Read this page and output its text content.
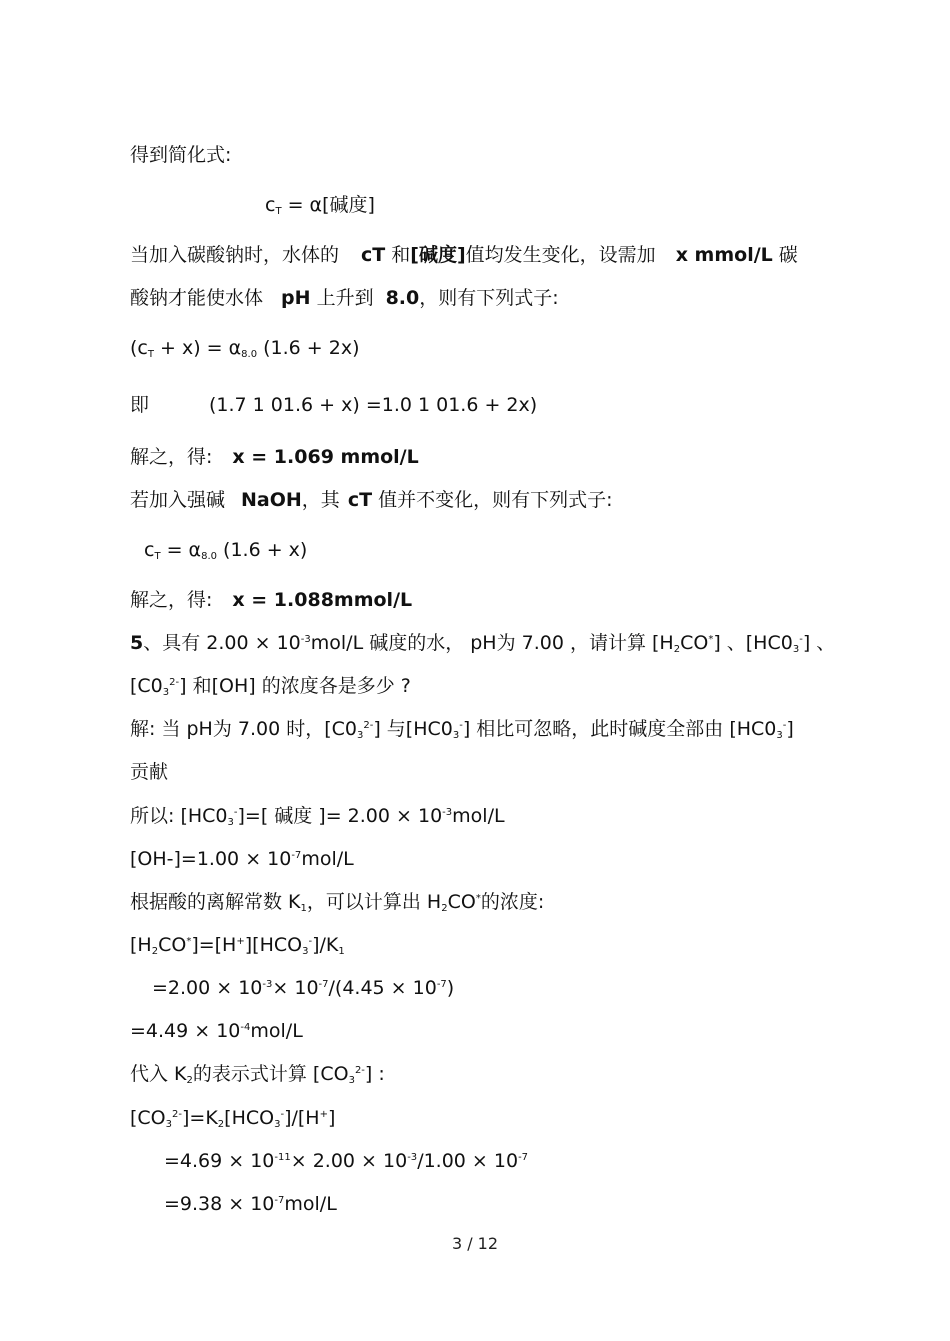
得到简化式:
$c_T = \alpha$[碱度]
当加入碳酸钠时，水体的 cT 和[碱度]值均发生变化，设需加 x mmol/L 碳
酸钠才能使水体 pH 上升到 8.0，则有下列式子:
$(c_T + x) = \alpha_{8.0}$ (1.6 + 2x)
即	(1.7 1 01.6 + x) =1.0 1 01.6 + 2x)
解之，得: x = 1.069 mmol/L
若加入强碱 NaOH，其 cT 值并不变化，则有下列式子:
$c_T = \alpha_{8.0}$ (1.6 + x)
解之，得: x = 1.088mmol/L
5、具有 $2.00 \times 10^{-3}mol/L$ 碱度的水， pH为 7.00 ，请计算 $[H_2CO^*]$ 、$[HC0_3^-]$ 、
$[C0_3^{2-}]$ 和[OH] 的浓度各是多少 ?
解: 当 pH为 7.00 时，$[C0_3^{2-}]$ 与$[HC0_3^-]$ 相比可忽略，此时碱度全部由 $[HC0_3^-]$
贡献
所以: $[HC0_3^-]=$[ 碱度 ]= $2.00 \times 10^{-3}mol/L$
$[OH-]=1.00 \times 10^{-7}mol/L$
根据酸的离解常数 $K_1$，可以计算出 $H_2CO^*$的浓度:
$[H_2CO^*]=[H^+][HCO_3^-]/K_1$
$=2.00 \times 10^{-3}\times 10^{-7}/(4.45 \times 10^{-7})$
$=4.49 \times 10^{-4}mol/L$
代入 $K_2$的表示式计算 $[CO_3^{2-}]$ :
$[CO_3^{2-}]=K_2[HCO_3^-]/[H^+]$
$=4.69 \times 10^{-11}\times 2.00 \times 10^{-3}/1.00 \times 10^{-7}$
$=9.38 \times 10^{-7}mol/L$
3 / 12
